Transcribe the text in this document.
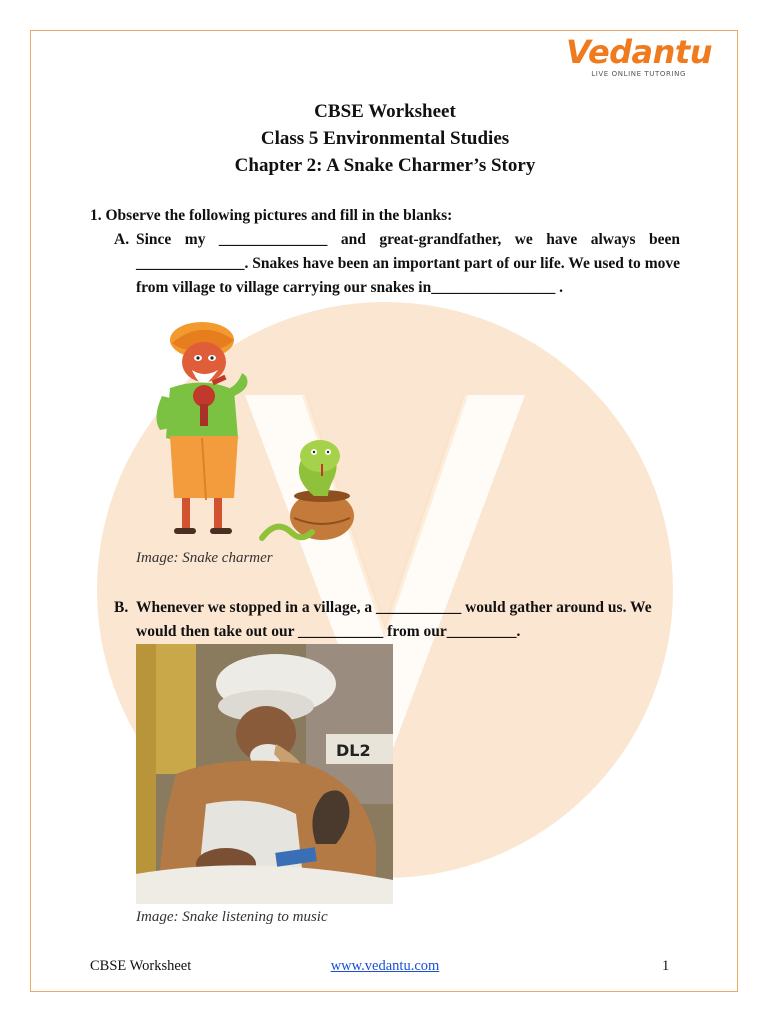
Vedantu
LIVE ONLINE TUTORING
CBSE Worksheet
Class 5 Environmental Studies
Chapter 2: A Snake Charmer’s Story
1. Observe the following pictures and fill in the blanks:
A. Since my ______________ and great-grandfather, we have always been ______________. Snakes have been an important part of our life. We used to move from village to village carrying our snakes in________________ .
Image: Snake charmer
B. Whenever we stopped in a village, a ___________ would gather around us. We would then take out our ___________ from our_________.
DL2
Image: Snake listening to music
CBSE Worksheet	www.vedantu.com	1
